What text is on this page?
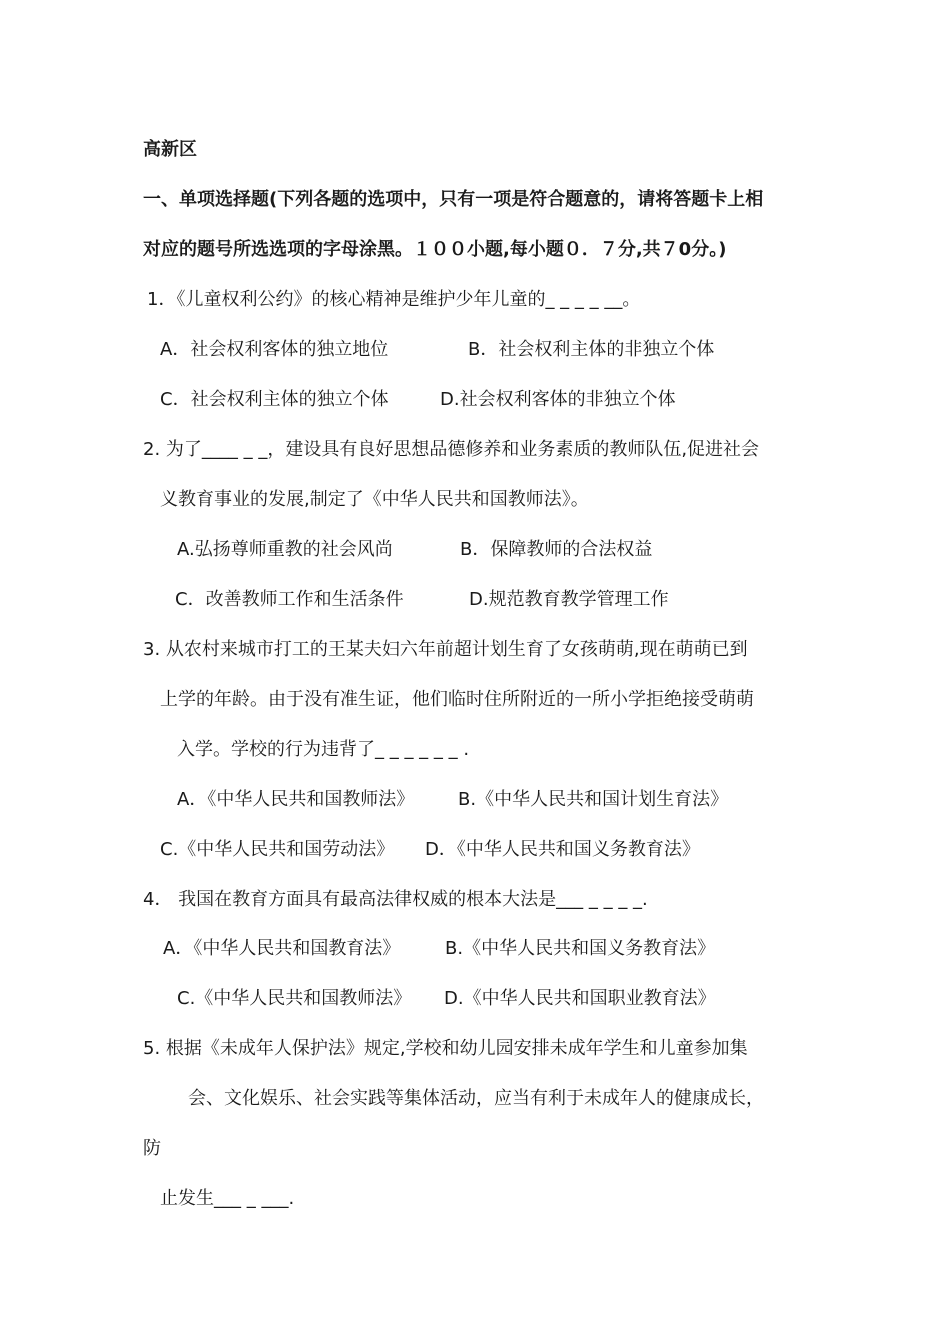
高新区
一、单项选择题(下列各题的选项中，只有一项是符合题意的，请将答题卡上相
对应的题号所选选项的字母涂黑。１００小题,每小题０．７分,共７0分。)
1．《儿童权利公约》的核心精神是维护少年儿童的_ _ _ _ __。
A．社会权利客体的独立地位	B．社会权利主体的非独立个体
C．社会权利主体的独立个体	D.社会权利客体的非独立个体
2. 为了____ _ _，建设具有良好思想品德修养和业务素质的教师队伍,促进社会
义教育事业的发展,制定了《中华人民共和国教师法》。
A.弘扬尊师重教的社会风尚	B．保障教师的合法权益
C．改善教师工作和生活条件	D.规范教育教学管理工作
3. 从农村来城市打工的王某夫妇六年前超计划生育了女孩萌萌,现在萌萌已到
上学的年龄。由于没有准生证，他们临时住所附近的一所小学拒绝接受萌萌
入学。学校的行为违背了_ _ _ _ _ _ .
A．《中华人民共和国教师法》 B.《中华人民共和国计划生育法》
C.《中华人民共和国劳动法》 D．《中华人民共和国义务教育法》
4． 我国在教育方面具有最高法律权威的根本大法是___ _ _ _ _.
A．《中华人民共和国教育法》 B.《中华人民共和国义务教育法》
C.《中华人民共和国教师法》 D.《中华人民共和国职业教育法》
5. 根据《未成年人保护法》规定,学校和幼儿园安排未成年学生和儿童参加集
会、文化娱乐、社会实践等集体活动，应当有利于未成年人的健康成长，
防
止发生___ _ ___.
